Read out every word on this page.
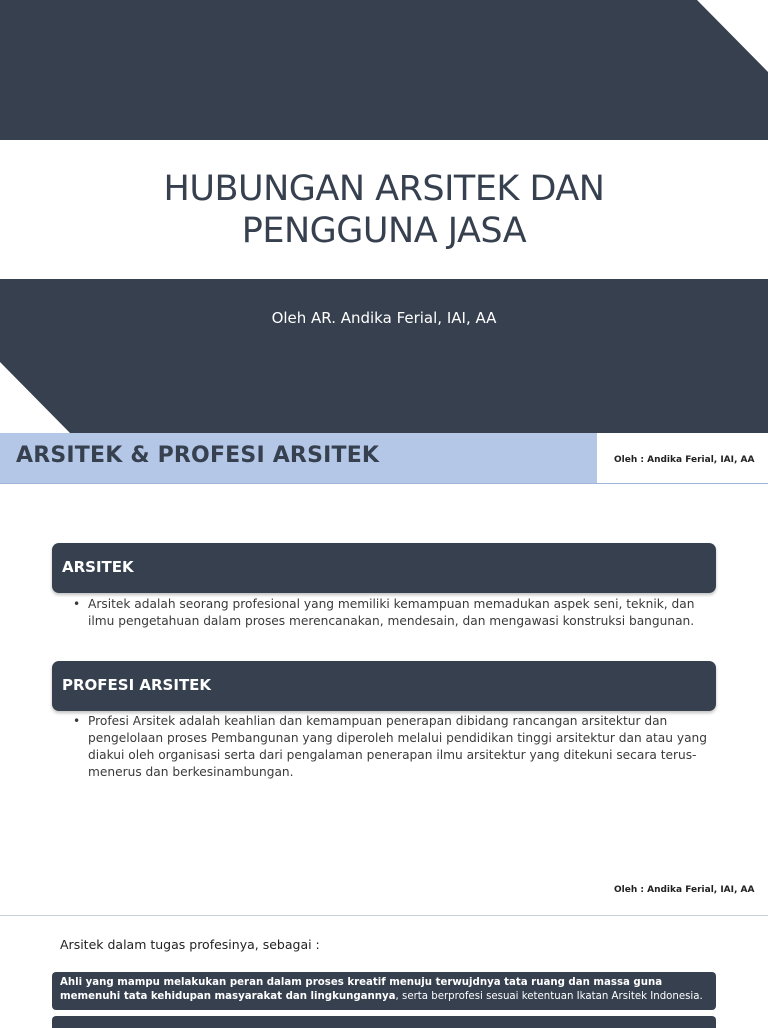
HUBUNGAN ARSITEK DAN PENGGUNA JASA
Oleh AR. Andika Ferial, IAI, AA
ARSITEK & PROFESI ARSITEK	Oleh : Andika Ferial, IAI, AA
ARSITEK
• Arsitek adalah seorang profesional yang memiliki kemampuan memadukan aspek seni, teknik, dan ilmu pengetahuan dalam proses merencanakan, mendesain, dan mengawasi konstruksi bangunan.
PROFESI ARSITEK
• Profesi Arsitek adalah keahlian dan kemampuan penerapan dibidang rancangan arsitektur dan pengelolaan proses Pembangunan yang diperoleh melalui pendidikan tinggi arsitektur dan atau yang diakui oleh organisasi serta dari pengalaman penerapan ilmu arsitektur yang ditekuni secara terus-menerus dan berkesinambungan.
Oleh : Andika Ferial, IAI, AA
Arsitek dalam tugas profesinya, sebagai :
Ahli yang mampu melakukan peran dalam proses kreatif menuju terwujdnya tata ruang dan massa guna memenuhi tata kehidupan masyarakat dan lingkungannya, serta berprofesi sesuai ketentuan Ikatan Arsitek Indonesia.
